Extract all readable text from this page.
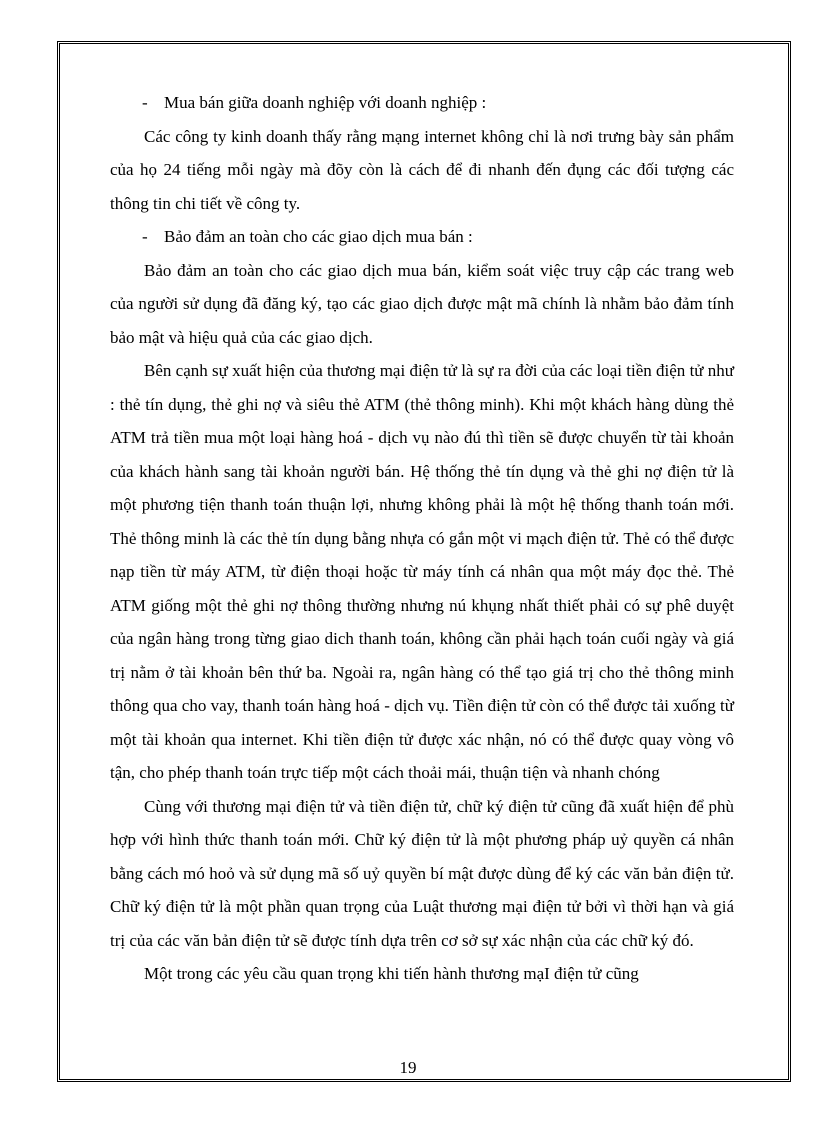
- Mua bán giữa doanh nghiệp với doanh nghiệp :

Các công ty kinh doanh thấy rằng mạng internet không chỉ là nơi trưng bày sản phẩm của họ 24 tiếng mỗi ngày mà đõy còn là cách để đi nhanh đến đụng các đối tượng các thông tin chi tiết về công ty.

- Bảo đảm an toàn cho các giao dịch mua bán :

Bảo đảm an toàn cho các giao dịch mua bán, kiểm soát việc truy cập các trang web của người sử dụng đã đăng ký, tạo các giao dịch được mật mã chính là nhằm bảo đảm tính bảo mật và hiệu quả của các giao dịch.

Bên cạnh sự xuất hiện của thương mại điện tử là sự ra đời của các loại tiền điện tử như : thẻ tín dụng, thẻ ghi nợ và siêu thẻ ATM (thẻ thông minh). Khi một khách hàng dùng thẻ ATM trả tiền mua một loại hàng hoá - dịch vụ nào đú thì tiền sẽ được chuyển từ tài khoản của khách hành sang tài khoản người bán. Hệ thống thẻ tín dụng và thẻ ghi nợ điện tử là một phương tiện thanh toán thuận lợi, nhưng không phải là một hệ thống thanh toán mới. Thẻ thông minh là các thẻ tín dụng bằng nhựa có gắn một vi mạch điện tử. Thẻ có thể được nạp tiền từ máy ATM, từ điện thoại hoặc từ máy tính cá nhân qua một máy đọc thẻ. Thẻ ATM giống một thẻ ghi nợ thông thường nhưng nú khụng nhất thiết phải có sự phê duyệt của ngân hàng trong từng giao dich thanh toán, không cần phải hạch toán cuối ngày và giá trị nằm ở tài khoản bên thứ ba. Ngoài ra, ngân hàng có thể tạo giá trị cho thẻ thông minh thông qua cho vay, thanh toán hàng hoá - dịch vụ. Tiền điện tử còn có thể được tải xuống từ một tài khoản qua internet. Khi tiền điện tử được xác nhận, nó có thể được quay vòng vô tận, cho phép thanh toán trực tiếp một cách thoải mái, thuận tiện và nhanh chóng

Cùng với thương mại điện tử và tiền điện tử, chữ ký điện tử cũng đã xuất hiện để phù hợp với hình thức thanh toán mới. Chữ ký điện tử là một phương pháp uỷ quyền cá nhân bằng cách mó hoỏ và sử dụng mã số uỷ quyền bí mật được dùng để ký các văn bản điện tử. Chữ ký điện tử là một phần quan trọng của Luật thương mại điện tử bởi vì thời hạn và giá trị của các văn bản điện tử sẽ được tính dựa trên cơ sở sự xác nhận của các chữ ký đó.

Một trong các yêu cầu quan trọng khi tiến hành thương mạI điện tử cũng

19
